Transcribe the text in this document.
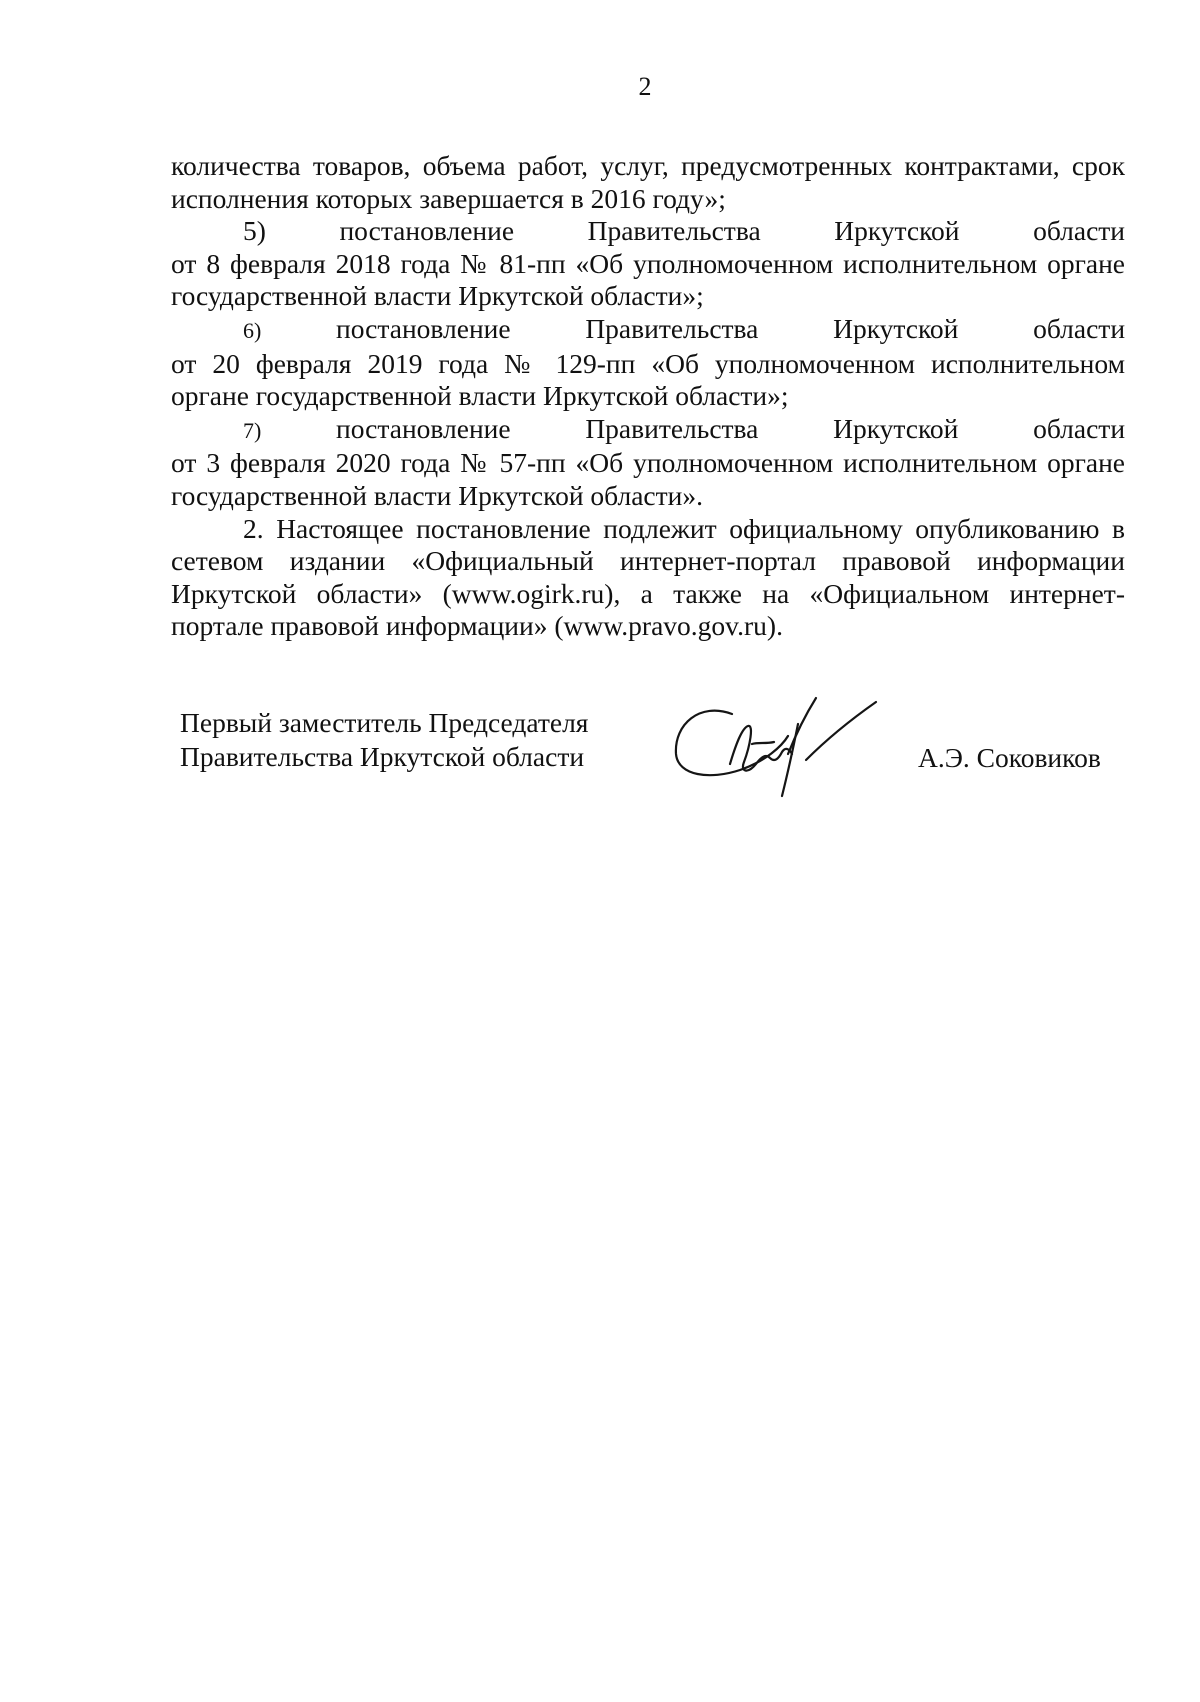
2
количества товаров, объема работ, услуг, предусмотренных контрактами, срок
исполнения которых завершается в 2016 году»;
5)	постановление	Правительства	Иркутской	области
от 8 февраля 2018 года № 81-пп «Об уполномоченном исполнительном органе
государственной власти Иркутской области»;
6)	постановление	Правительства	Иркутской	области
от 20 февраля 2019 года № 129-пп «Об уполномоченном исполнительном
органе государственной власти Иркутской области»;
7)	постановление	Правительства	Иркутской	области
от 3 февраля 2020 года № 57-пп «Об уполномоченном исполнительном органе
государственной власти Иркутской области».
2. Настоящее постановление подлежит официальному опубликованию в
сетевом издании «Официальный интернет-портал правовой информации
Иркутской области» (www.ogirk.ru), а также на «Официальном интернет-
портале правовой информации» (www.pravo.gov.ru).
Первый заместитель Председателя
Правительства Иркутской области	А.Э. Соковиков
